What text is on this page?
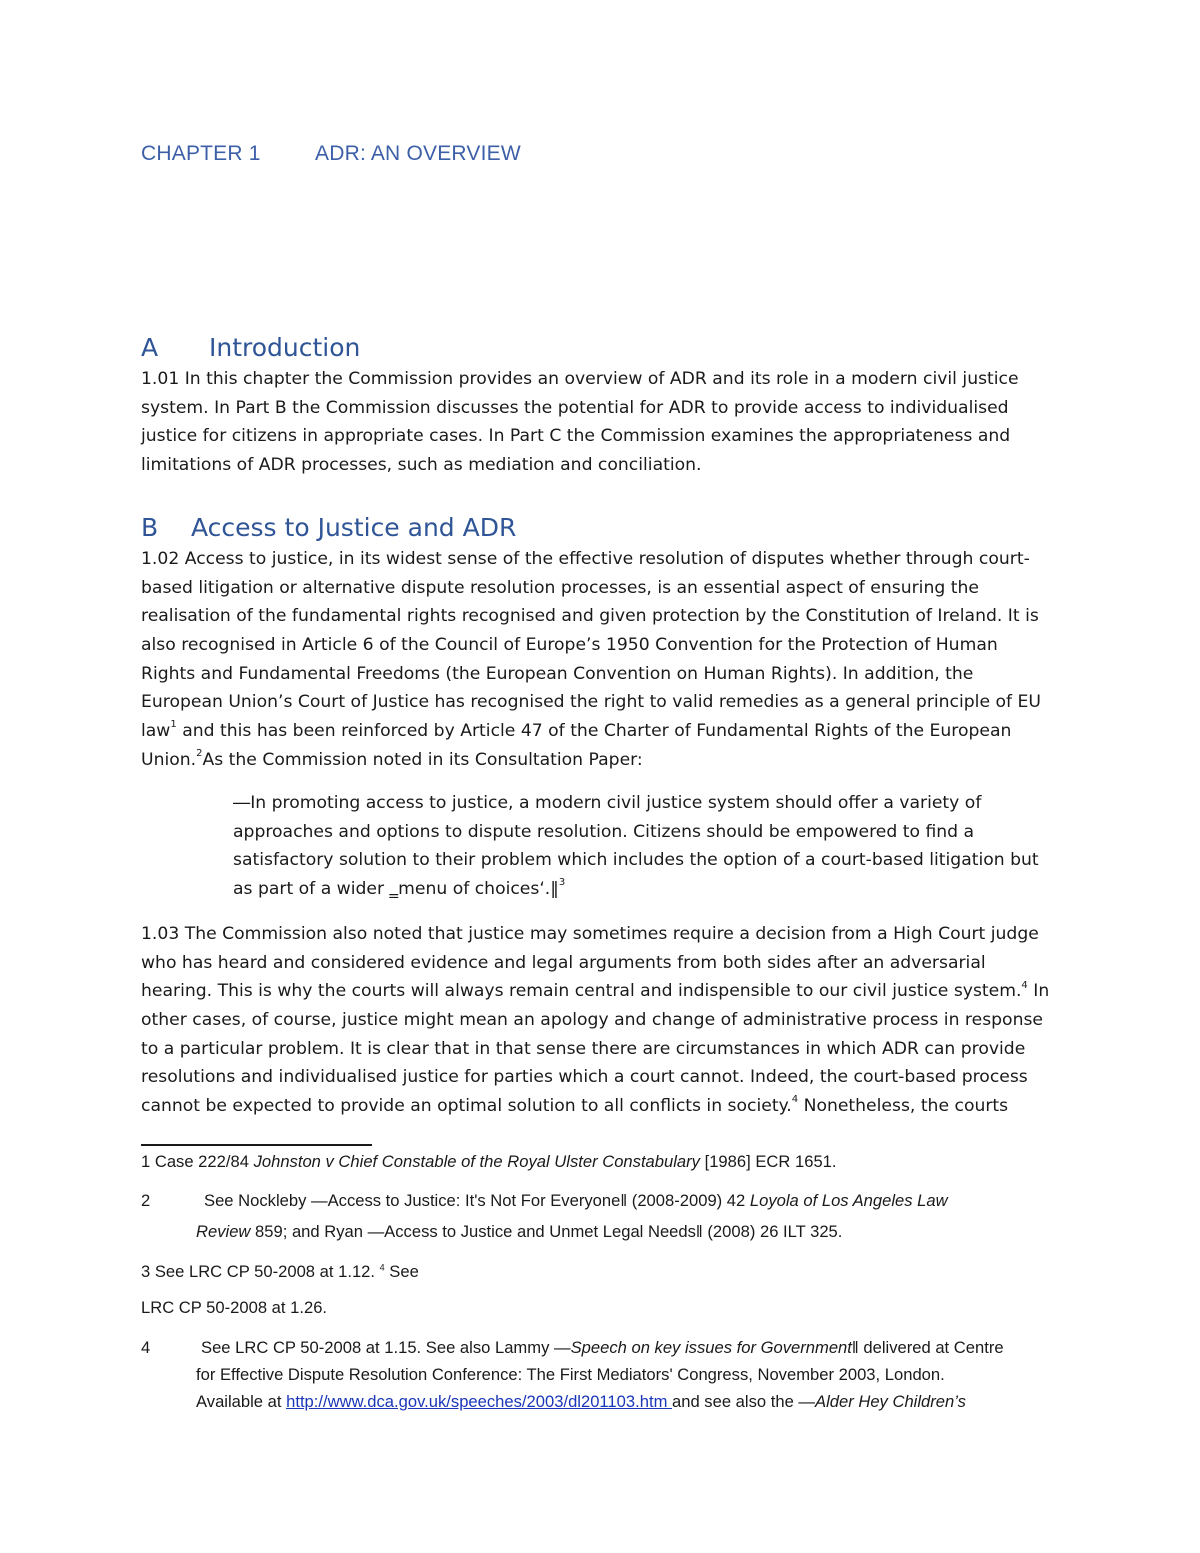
CHAPTER 1	ADR: AN OVERVIEW
A Introduction
1.01 In this chapter the Commission provides an overview of ADR and its role in a modern civil justice
system. In Part B the Commission discusses the potential for ADR to provide access to individualised
justice for citizens in appropriate cases. In Part C the Commission examines the appropriateness and
limitations of ADR processes, such as mediation and conciliation.
B Access to Justice and ADR
1.02 Access to justice, in its widest sense of the effective resolution of disputes whether through court-
based litigation or alternative dispute resolution processes, is an essential aspect of ensuring the
realisation of the fundamental rights recognised and given protection by the Constitution of Ireland. It is
also recognised in Article 6 of the Council of Europe’s 1950 Convention for the Protection of Human
Rights and Fundamental Freedoms (the European Convention on Human Rights). In addition, the
European Union’s Court of Justice has recognised the right to valid remedies as a general principle of EU
law$^1$ and this has been reinforced by Article 47 of the Charter of Fundamental Rights of the European
Union.$^2$As the Commission noted in its Consultation Paper:
―In promoting access to justice, a modern civil justice system should offer a variety of
approaches and options to dispute resolution. Citizens should be empowered to find a
satisfactory solution to their problem which includes the option of a court-based litigation but
as part of a wider ‗menu of choices‘.‖$^3$
1.03 The Commission also noted that justice may sometimes require a decision from a High Court judge
who has heard and considered evidence and legal arguments from both sides after an adversarial
hearing. This is why the courts will always remain central and indispensible to our civil justice system.$^4$ In
other cases, of course, justice might mean an apology and change of administrative process in response
to a particular problem. It is clear that in that sense there are circumstances in which ADR can provide
resolutions and individualised justice for parties which a court cannot. Indeed, the court-based process
cannot be expected to provide an optimal solution to all conflicts in society.$^4$ Nonetheless, the courts
1 Case 222/84 Johnston v Chief Constable of the Royal Ulster Constabulary [1986] ECR 1651.
2	See Nockleby ―Access to Justice: It's Not For Everyone‖ (2008-2009) 42 Loyola of Los Angeles Law
Review 859; and Ryan ―Access to Justice and Unmet Legal Needs‖ (2008) 26 ILT 325.
3 See LRC CP 50-2008 at 1.12. $^4$ See
LRC CP 50-2008 at 1.26.
4	See LRC CP 50-2008 at 1.15. See also Lammy ―Speech on key issues for Government‖ delivered at Centre
for Effective Dispute Resolution Conference: The First Mediators' Congress, November 2003, London.
Available at http://www.dca.gov.uk/speeches/2003/dl201103.htm and see also the ―Alder Hey Children’s
